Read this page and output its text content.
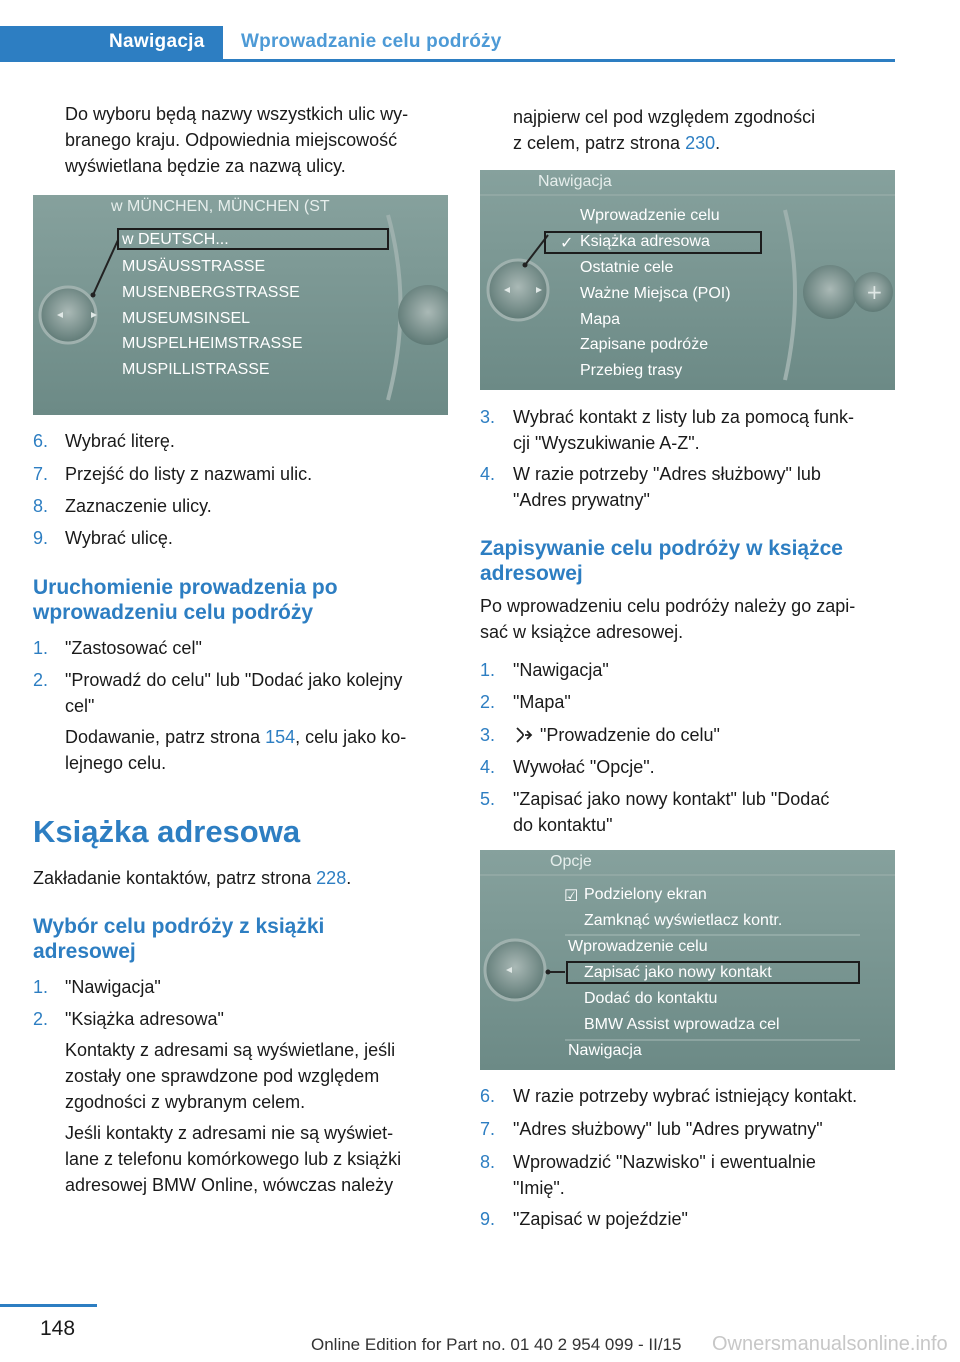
Nawigacja Wprowadzanie celu podróży
Do wyboru będą nazwy wszystkich ulic wy‐
branego kraju. Odpowiednia miejscowość
wyświetlana będzie za nazwą ulicy.
w MÜNCHEN, MÜNCHEN (ST
w DEUTSCH...
MUSÄUSSTRASSE
MUSENBERGSTRASSE
MUSEUMSINSEL
MUSPELHEIMSTRASSE
MUSPILLISTRASSE
6. Wybrać literę.
7. Przejść do listy z nazwami ulic.
8. Zaznaczenie ulicy.
9. Wybrać ulicę.
Uruchomienie prowadzenia po
wprowadzeniu celu podróży
1. "Zastosować cel"
2. "Prowadź do celu" lub "Dodać jako kolejny
cel"
Dodawanie, patrz strona 154, celu jako ko‐
lejnego celu.
Książka adresowa
Zakładanie kontaktów, patrz strona 228.
Wybór celu podróży z książki
adresowej
1. "Nawigacja"
2. "Książka adresowa"
Kontakty z adresami są wyświetlane, jeśli
zostały one sprawdzone pod względem
zgodności z wybranym celem.
Jeśli kontakty z adresami nie są wyświet‐
lane z telefonu komórkowego lub z książki
adresowej BMW Online, wówczas należy
najpierw cel pod względem zgodności
z celem, patrz strona 230.
+
Nawigacja
Wprowadzenie celu
✓ Książka adresowa
Ostatnie cele
Ważne Miejsca (POI)
Mapa
Zapisane podróże
Przebieg trasy
3. Wybrać kontakt z listy lub za pomocą funk‐
cji "Wyszukiwanie A-Z".
4. W razie potrzeby "Adres służbowy" lub
"Adres prywatny"
Zapisywanie celu podróży w książce
adresowej
Po wprowadzeniu celu podróży należy go zapi‐
sać w książce adresowej.
1. "Nawigacja"
2. "Mapa"
3. "Prowadzenie do celu"
4. Wywołać "Opcje".
5. "Zapisać jako nowy kontakt" lub "Dodać
do kontaktu"
Opcje
☑ Podzielony ekran
Zamknąć wyświetlacz kontr.
Wprowadzenie celu
Zapisać jako nowy kontakt
Dodać do kontaktu
BMW Assist wprowadza cel
Nawigacja
6. W razie potrzeby wybrać istniejący kontakt.
7. "Adres służbowy" lub "Adres prywatny"
8. Wprowadzić "Nazwisko" i ewentualnie
"Imię".
9. "Zapisać w pojeździe"
148
Online Edition for Part no. 01 40 2 954 099 - II/15 Ownersmanualsonline.info
